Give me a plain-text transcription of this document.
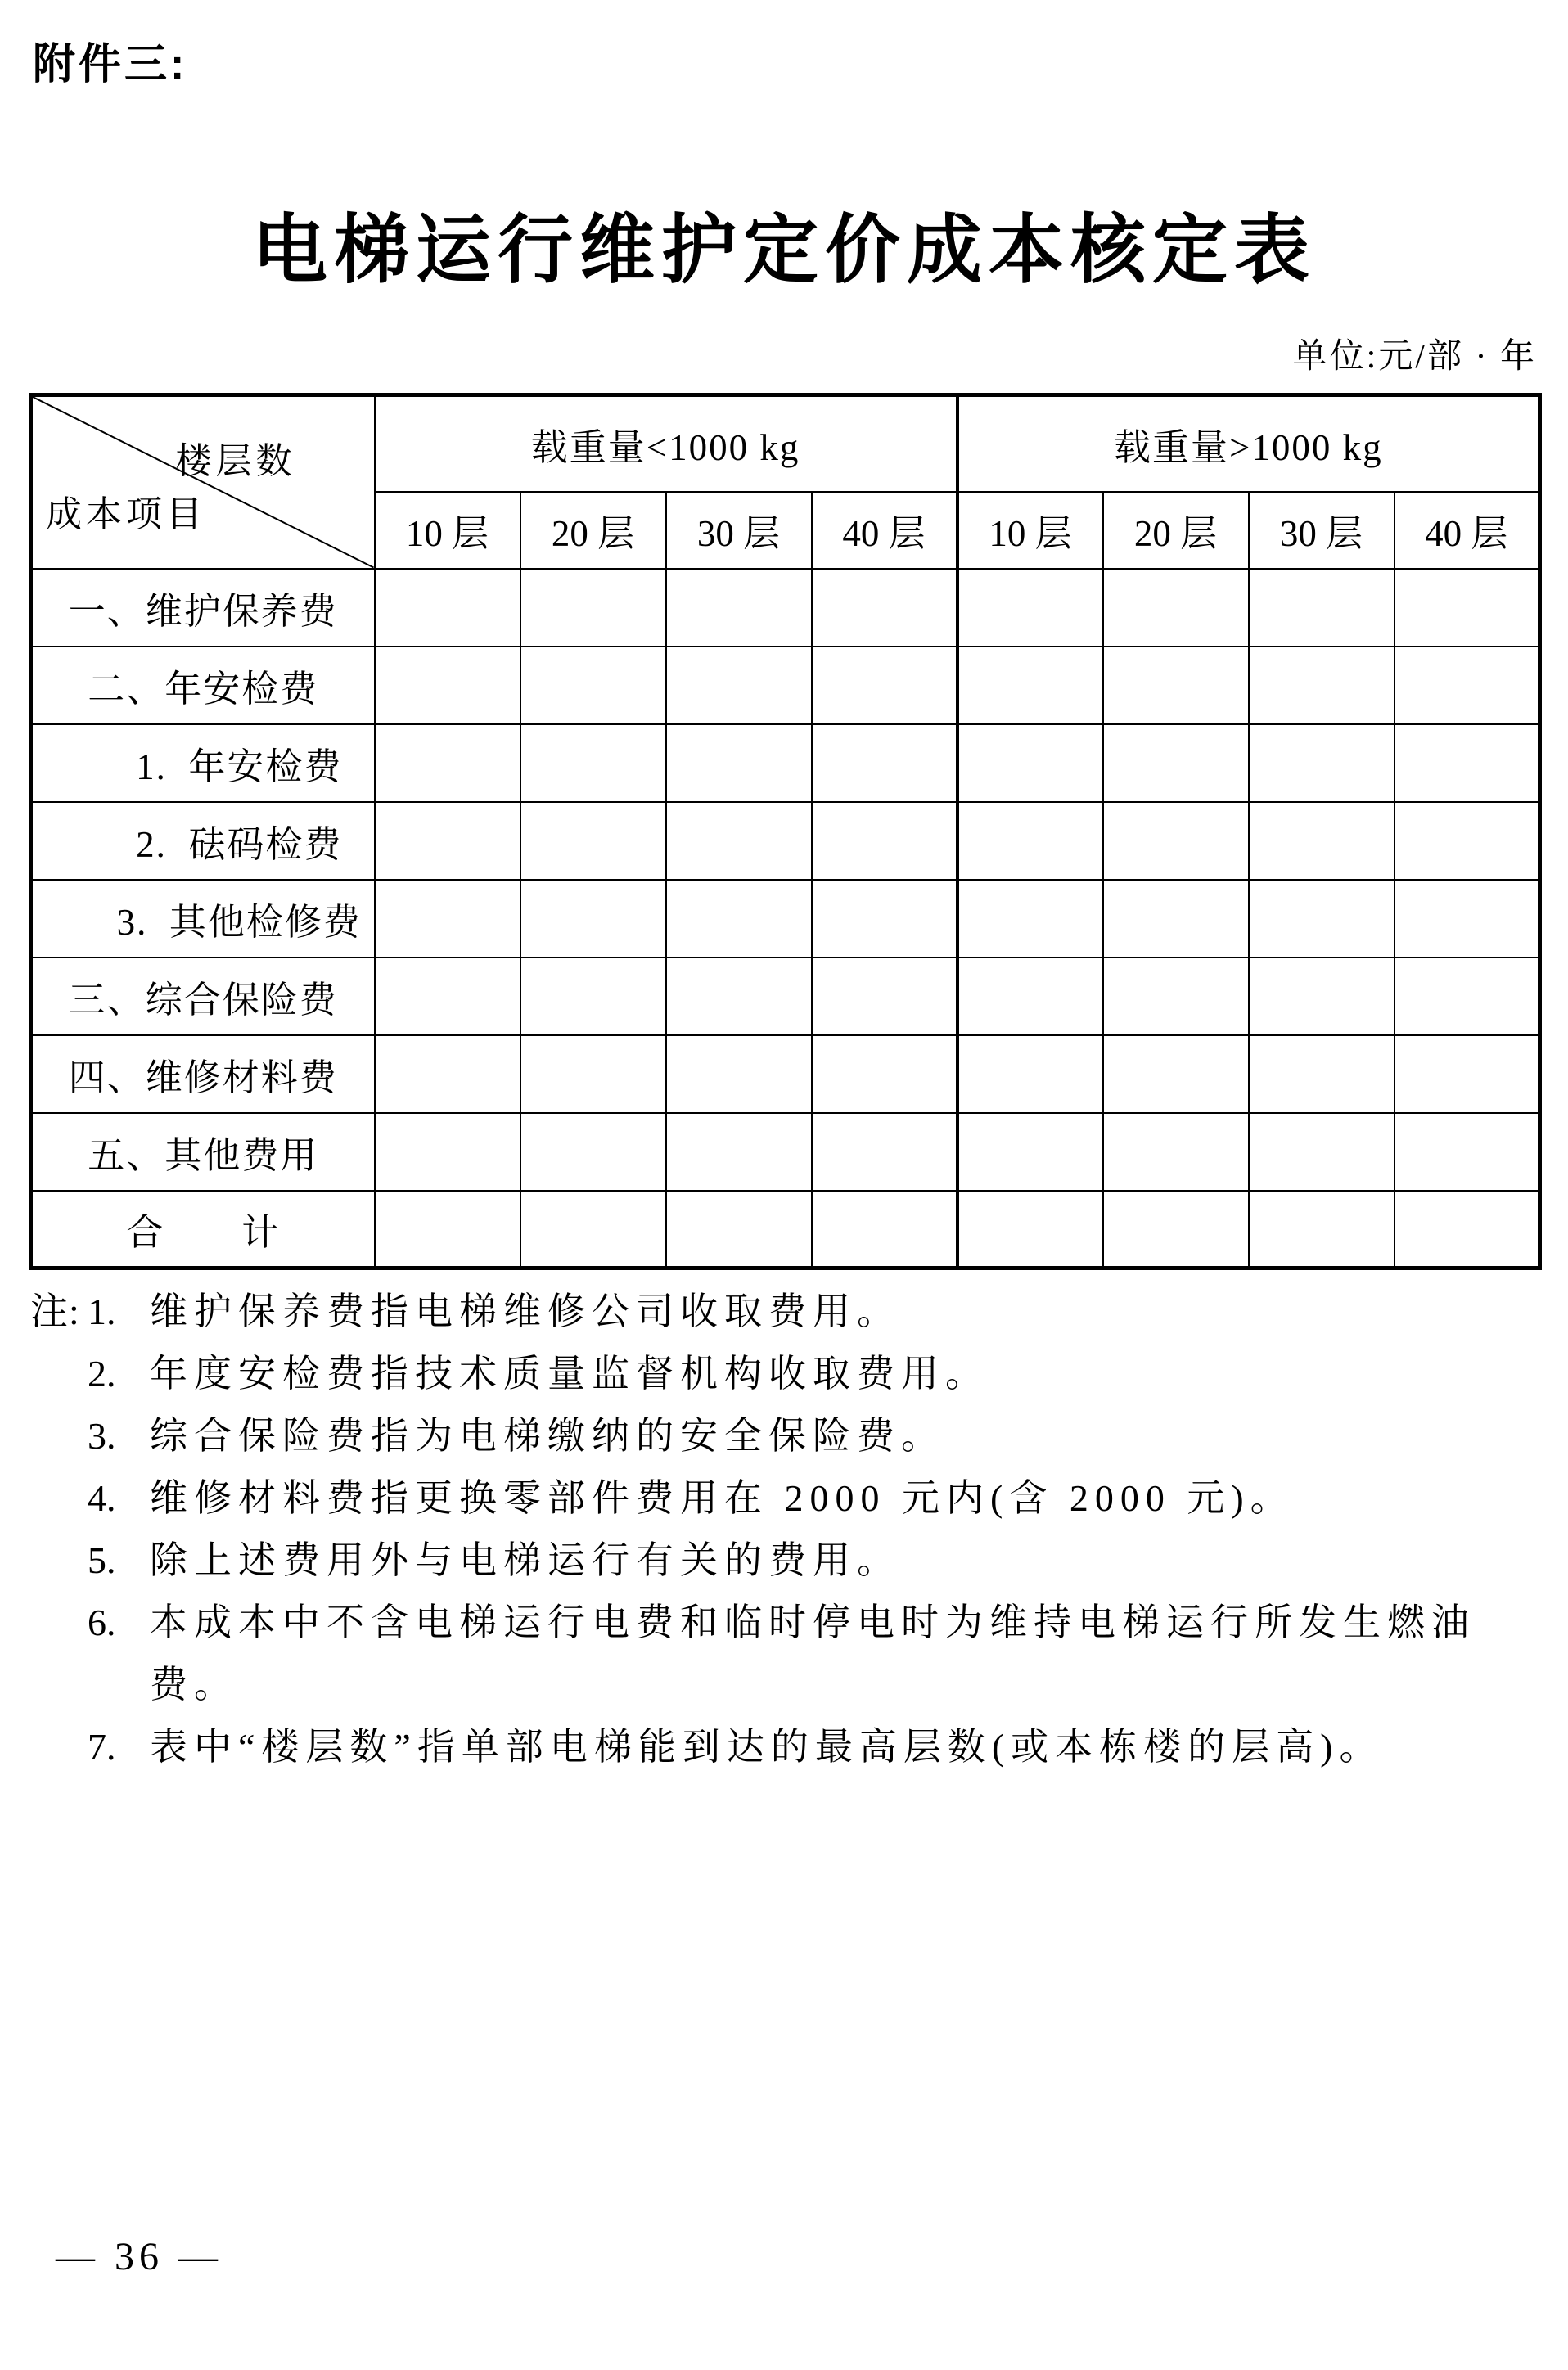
附件三:
电梯运行维护定价成本核定表
单位:元/部 · 年
楼层数
成本项目	载重量<1000 kg				载重量>1000 kg			
	10 层	20 层	30 层	40 层	10 层	20 层	30 层	40 层
一、维护保养费								
二、年安检费								
1.  年安检费								
2.  砝码检费								
3.  其他检修费								
三、综合保险费								
四、维修材料费								
五、其他费用								
合　　计								
注: 1. 维护保养费指电梯维修公司收取费用。
2. 年度安检费指技术质量监督机构收取费用。
3. 综合保险费指为电梯缴纳的安全保险费。
4. 维修材料费指更换零部件费用在 2000 元内(含 2000 元)。
5. 除上述费用外与电梯运行有关的费用。
6. 本成本中不含电梯运行电费和临时停电时为维持电梯运行所发生燃油费。
7. 表中“楼层数”指单部电梯能到达的最高层数(或本栋楼的层高)。
— 36 —
